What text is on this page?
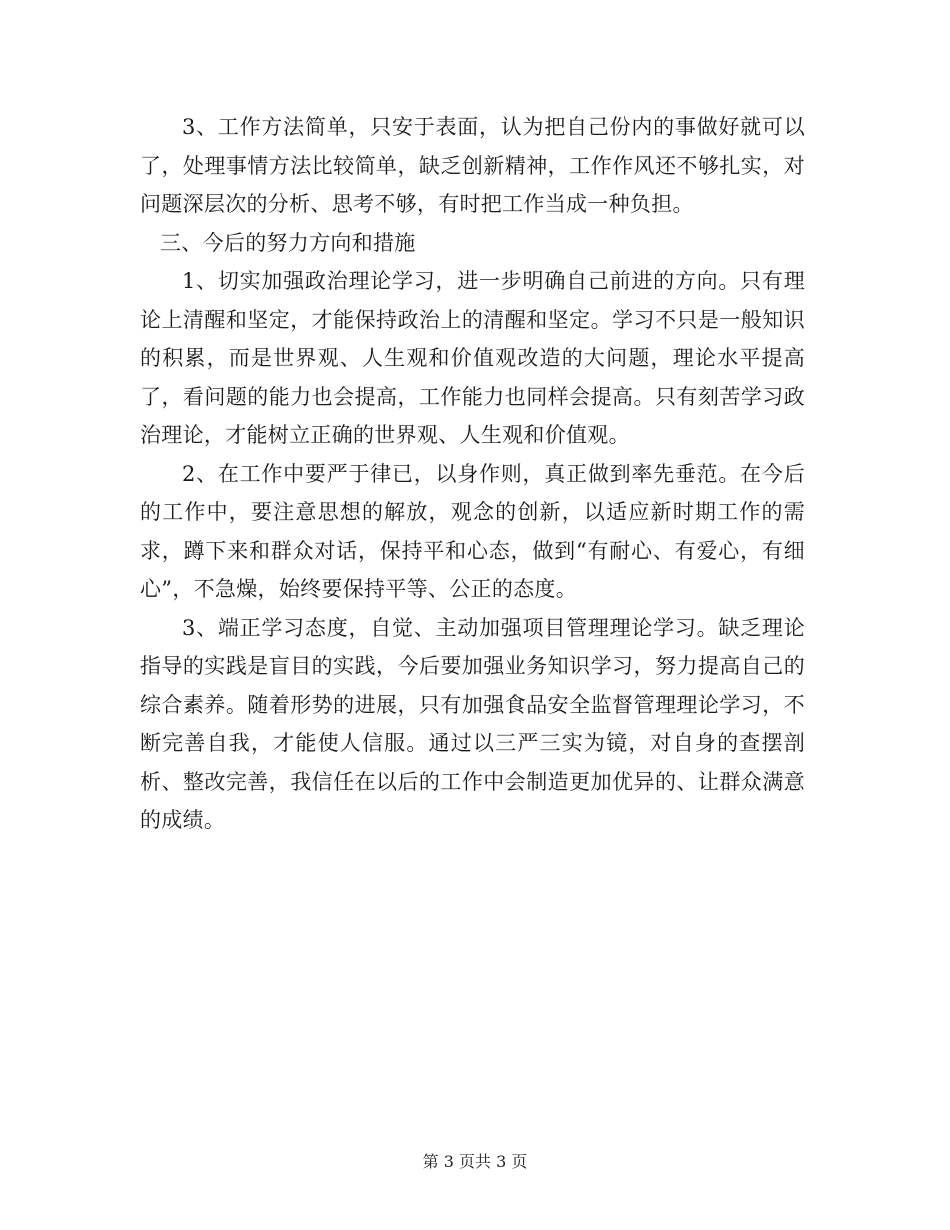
3、工作方法简单，只安于表面，认为把自己份内的事做好就可以了，处理事情方法比较简单，缺乏创新精神，工作作风还不够扎实，对问题深层次的分析、思考不够，有时把工作当成一种负担。

三、今后的努力方向和措施

1、切实加强政治理论学习，进一步明确自己前进的方向。只有理论上清醒和坚定，才能保持政治上的清醒和坚定。学习不只是一般知识的积累，而是世界观、人生观和价值观改造的大问题，理论水平提高了，看问题的能力也会提高，工作能力也同样会提高。只有刻苦学习政治理论，才能树立正确的世界观、人生观和价值观。

2、在工作中要严于律已，以身作则，真正做到率先垂范。在今后的工作中，要注意思想的解放，观念的创新，以适应新时期工作的需求，蹲下来和群众对话，保持平和心态，做到“有耐心、有爱心，有细心”，不急燥，始终要保持平等、公正的态度。

3、端正学习态度，自觉、主动加强项目管理理论学习。缺乏理论指导的实践是盲目的实践，今后要加强业务知识学习，努力提高自己的综合素养。随着形势的进展，只有加强食品安全监督管理理论学习，不断完善自我，才能使人信服。通过以三严三实为镜，对自身的查摆剖析、整改完善，我信任在以后的工作中会制造更加优异的、让群众满意的成绩。

第 3 页共 3 页
